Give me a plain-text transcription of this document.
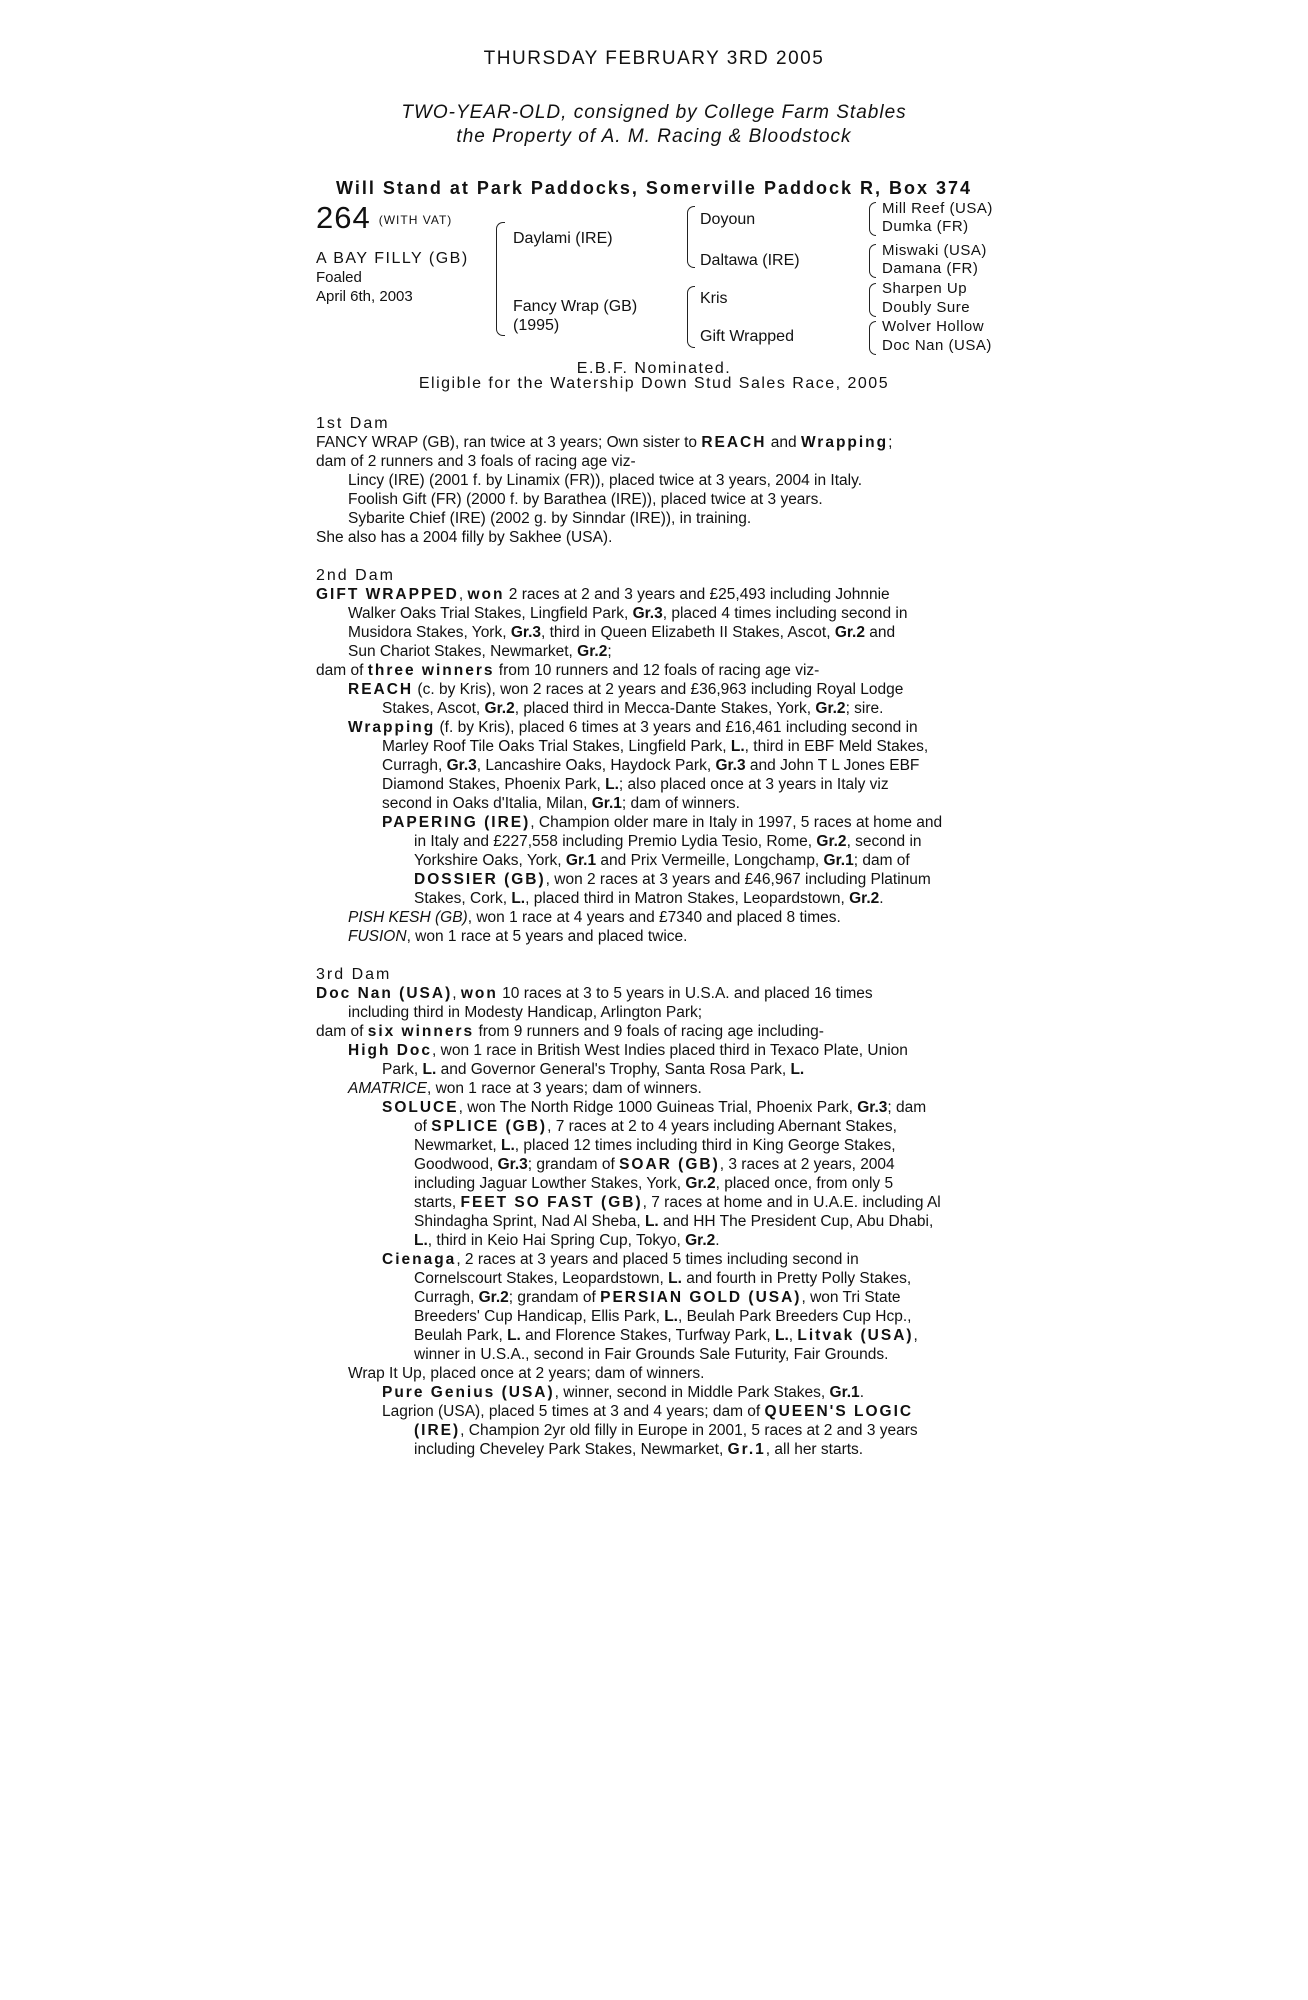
THURSDAY FEBRUARY 3RD 2005
TWO-YEAR-OLD, consigned by College Farm Stables
the Property of A. M. Racing & Bloodstock
Will Stand at Park Paddocks, Somerville Paddock R, Box 374
264 (WITH VAT)
A BAY FILLY (GB)
Foaled
April 6th, 2003
Daylami (IRE)
Fancy Wrap (GB)
(1995)
Doyoun
Daltawa (IRE)
Kris
Gift Wrapped
Mill Reef (USA)
Dumka (FR)
Miswaki (USA)
Damana (FR)
Sharpen Up
Doubly Sure
Wolver Hollow
Doc Nan (USA)
E.B.F. Nominated.
Eligible for the Watership Down Stud Sales Race, 2005
1st Dam
FANCY WRAP (GB), ran twice at 3 years; Own sister to REACH and Wrapping;
dam of 2 runners and 3 foals of racing age viz-
Lincy (IRE) (2001 f. by Linamix (FR)), placed twice at 3 years, 2004 in Italy.
Foolish Gift (FR) (2000 f. by Barathea (IRE)), placed twice at 3 years.
Sybarite Chief (IRE) (2002 g. by Sinndar (IRE)), in training.
She also has a 2004 filly by Sakhee (USA).
2nd Dam
GIFT WRAPPED, won 2 races at 2 and 3 years and £25,493 including Johnnie
Walker Oaks Trial Stakes, Lingfield Park, Gr.3, placed 4 times including second in
Musidora Stakes, York, Gr.3, third in Queen Elizabeth II Stakes, Ascot, Gr.2 and
Sun Chariot Stakes, Newmarket, Gr.2;
dam of three winners from 10 runners and 12 foals of racing age viz-
REACH (c. by Kris), won 2 races at 2 years and £36,963 including Royal Lodge
Stakes, Ascot, Gr.2, placed third in Mecca-Dante Stakes, York, Gr.2; sire.
Wrapping (f. by Kris), placed 6 times at 3 years and £16,461 including second in
Marley Roof Tile Oaks Trial Stakes, Lingfield Park, L., third in EBF Meld Stakes,
Curragh, Gr.3, Lancashire Oaks, Haydock Park, Gr.3 and John T L Jones EBF
Diamond Stakes, Phoenix Park, L.; also placed once at 3 years in Italy viz
second in Oaks d'Italia, Milan, Gr.1; dam of winners.
PAPERING (IRE), Champion older mare in Italy in 1997, 5 races at home and
in Italy and £227,558 including Premio Lydia Tesio, Rome, Gr.2, second in
Yorkshire Oaks, York, Gr.1 and Prix Vermeille, Longchamp, Gr.1; dam of
DOSSIER (GB), won 2 races at 3 years and £46,967 including Platinum
Stakes, Cork, L., placed third in Matron Stakes, Leopardstown, Gr.2.
PISH KESH (GB), won 1 race at 4 years and £7340 and placed 8 times.
FUSION, won 1 race at 5 years and placed twice.
3rd Dam
Doc Nan (USA), won 10 races at 3 to 5 years in U.S.A. and placed 16 times
including third in Modesty Handicap, Arlington Park;
dam of six winners from 9 runners and 9 foals of racing age including-
High Doc, won 1 race in British West Indies placed third in Texaco Plate, Union
Park, L. and Governor General's Trophy, Santa Rosa Park, L.
AMATRICE, won 1 race at 3 years; dam of winners.
SOLUCE, won The North Ridge 1000 Guineas Trial, Phoenix Park, Gr.3; dam
of SPLICE (GB), 7 races at 2 to 4 years including Abernant Stakes,
Newmarket, L., placed 12 times including third in King George Stakes,
Goodwood, Gr.3; grandam of SOAR (GB), 3 races at 2 years, 2004
including Jaguar Lowther Stakes, York, Gr.2, placed once, from only 5
starts, FEET SO FAST (GB), 7 races at home and in U.A.E. including Al
Shindagha Sprint, Nad Al Sheba, L. and HH The President Cup, Abu Dhabi,
L., third in Keio Hai Spring Cup, Tokyo, Gr.2.
Cienaga, 2 races at 3 years and placed 5 times including second in
Cornelscourt Stakes, Leopardstown, L. and fourth in Pretty Polly Stakes,
Curragh, Gr.2; grandam of PERSIAN GOLD (USA), won Tri State
Breeders' Cup Handicap, Ellis Park, L., Beulah Park Breeders Cup Hcp.,
Beulah Park, L. and Florence Stakes, Turfway Park, L., Litvak (USA),
winner in U.S.A., second in Fair Grounds Sale Futurity, Fair Grounds.
Wrap It Up, placed once at 2 years; dam of winners.
Pure Genius (USA), winner, second in Middle Park Stakes, Gr.1.
Lagrion (USA), placed 5 times at 3 and 4 years; dam of QUEEN'S LOGIC
(IRE), Champion 2yr old filly in Europe in 2001, 5 races at 2 and 3 years
including Cheveley Park Stakes, Newmarket, Gr.1, all her starts.
